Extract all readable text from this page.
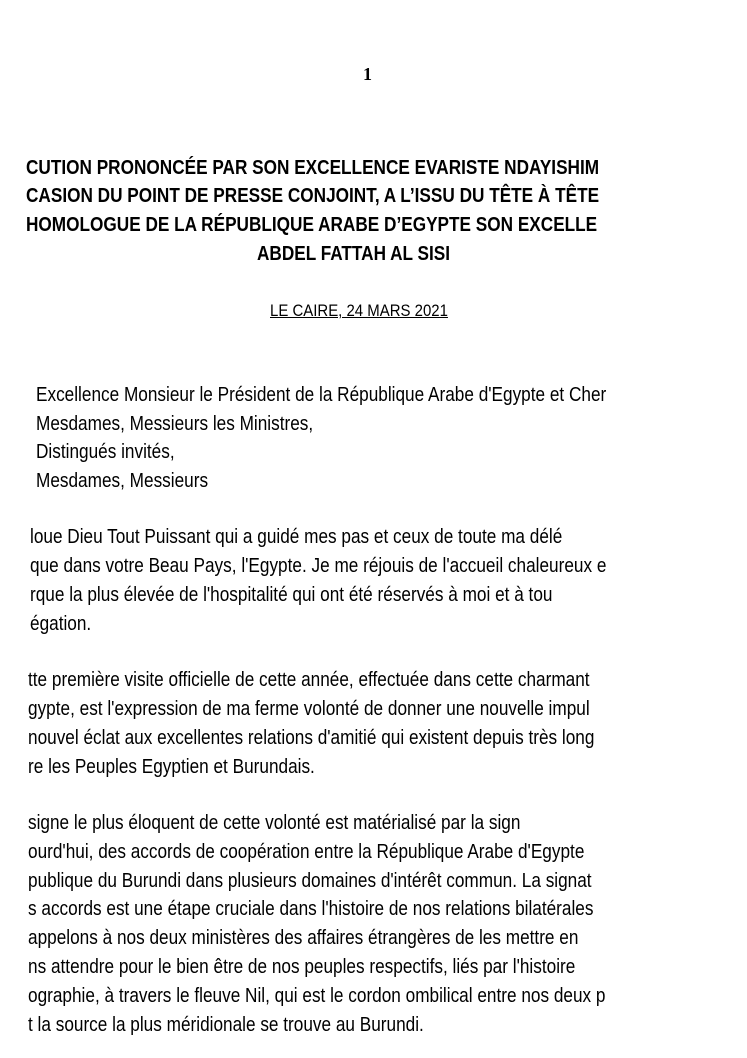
1
CUTION PRONONCÉE PAR SON EXCELLENCE EVARISTE NDAYISHIM
CASION DU POINT DE PRESSE CONJOINT, A L’ISSU DU TÊTE À TÊTE
HOMOLOGUE DE LA RÉPUBLIQUE ARABE D’EGYPTE SON EXCELLE
ABDEL FATTAH AL SISI
LE CAIRE, 24 MARS 2021
Excellence Monsieur le Président de la République Arabe d'Egypte et Cher
Mesdames, Messieurs les Ministres,
Distingués invités,
Mesdames, Messieurs
loue Dieu Tout Puissant qui a guidé mes pas et ceux de toute ma délé
que dans votre Beau Pays, l'Egypte. Je me réjouis de l'accueil chaleureux e
rque la plus élevée de l'hospitalité qui ont été réservés à moi et à tou
égation.
tte première visite officielle de cette année, effectuée dans cette charmant
gypte, est l'expression de ma ferme volonté de donner une nouvelle impul
nouvel éclat aux excellentes relations d'amitié qui existent depuis très long
re les Peuples Egyptien et Burundais.
signe le plus éloquent de cette volonté est matérialisé par la sign
ourd'hui, des accords de coopération entre la République Arabe d'Egypte
publique du Burundi dans plusieurs domaines d'intérêt commun. La signat
s accords est une étape cruciale dans l'histoire de nos relations bilatérales
appelons à nos deux ministères des affaires étrangères de les mettre en
ns attendre pour le bien être de nos peuples respectifs, liés par l'histoire
ographie, à travers le fleuve Nil, qui est le cordon ombilical entre nos deux p
t la source la plus méridionale se trouve au Burundi.
